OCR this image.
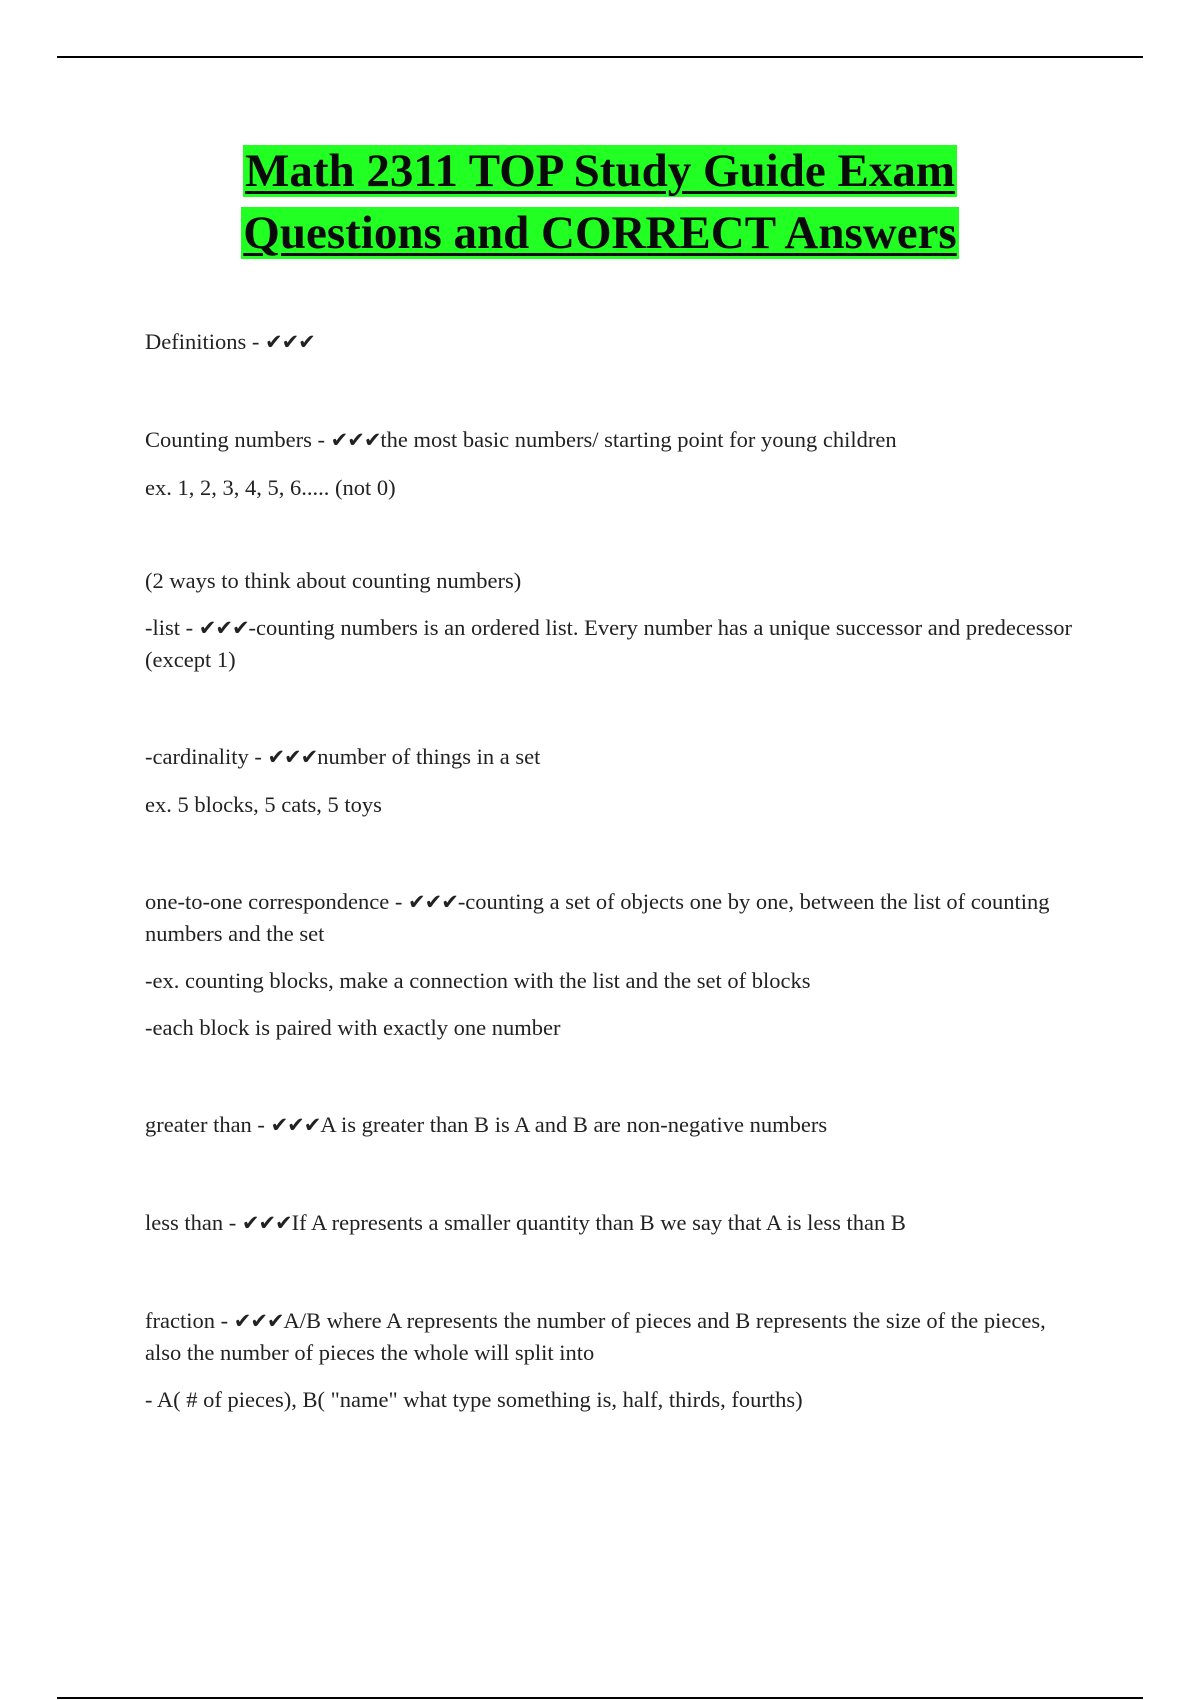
Math 2311 TOP Study Guide Exam
Questions and CORRECT Answers

Definitions - ✔✔✔

Counting numbers - ✔✔✔the most basic numbers/ starting point for young children

ex. 1, 2, 3, 4, 5, 6..... (not 0)

(2 ways to think about counting numbers)

-list - ✔✔✔-counting numbers is an ordered list. Every number has a unique successor and predecessor (except 1)

-cardinality - ✔✔✔number of things in a set

ex. 5 blocks, 5 cats, 5 toys

one-to-one correspondence - ✔✔✔-counting a set of objects one by one, between the list of counting numbers and the set

-ex. counting blocks, make a connection with the list and the set of blocks

-each block is paired with exactly one number

greater than - ✔✔✔A is greater than B is A and B are non-negative numbers

less than - ✔✔✔If A represents a smaller quantity than B we say that A is less than B

fraction - ✔✔✔A/B where A represents the number of pieces and B represents the size of the pieces, also the number of pieces the whole will split into

- A( # of pieces), B( "name" what type something is, half, thirds, fourths)
